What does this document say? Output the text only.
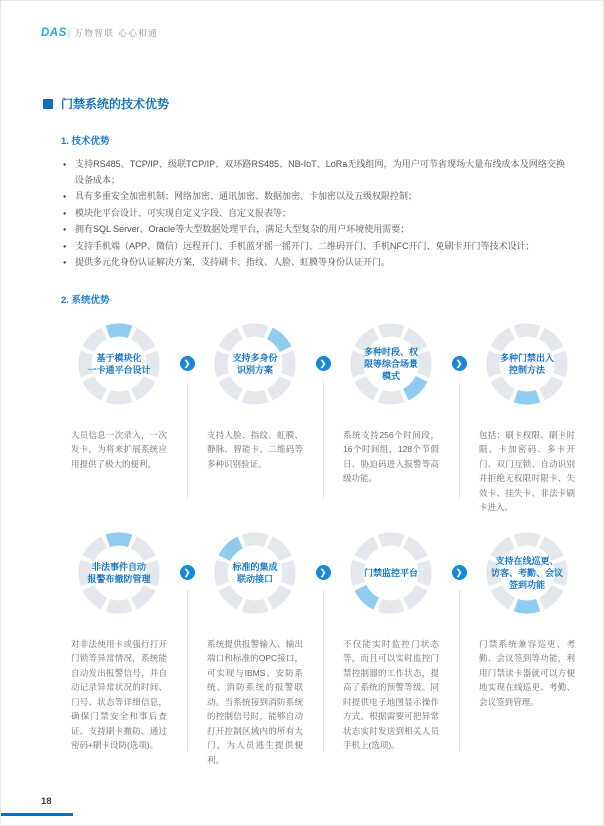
DAS | 万物智联 心心相通
门禁系统的技术优势
1. 技术优势
● 支持RS485、TCP/IP、级联TCP/IP、双环路RS485、NB-IoT、LoRa无线组网，为用户可节省现场大量布线成本及网络交换设备成本；
● 具有多重安全加密机制；网络加密、通讯加密、数据加密、卡加密以及五级权限控制；
● 模块化平台设计、可实现自定义字段、自定义报表等；
● 拥有SQL Server、Oracle等大型数据处理平台，满足大型复杂的用户环境使用需要；
● 支持手机端（APP、微信）远程开门、手机蓝牙摇一摇开门、二维码开门、手机NFC开门、免刷卡开门等技术设计；
● 提供多元化身份认证解决方案，支持刷卡、指纹、人脸、虹膜等身份认证开门。
2. 系统优势
基于模块化
一卡通平台设计
人员信息一次录入，一次发卡，为将来扩展系统应用提供了极大的便利。
❯
支持多身份
识别方案
支持人脸、指纹、虹膜、静脉、智能卡、二维码等多种识别验证。
❯
多种时段、权
限等综合场景
模式
系统支持256个时间段，16个时间组，128个节假日、胁迫码进入报警等高级功能。
❯
多种门禁出入
控制方法
包括：刷卡权限、刷卡时限、卡加密码、多卡开门、双门互锁、自动识别并拒绝无权限时限卡、失效卡、挂失卡、非法卡刷卡进入。
非法事件自动
报警布撤防管理
对非法使用卡或强行打开门锁等异常情况，系统能自动发出报警信号，并自动记录异常状况的时间、门号、状态等详细信息，确保门禁安全和事后查证。支持刷卡撤防、通过密码+刷卡设防(选项)。
❯
标准的集成
联动接口
系统提供报警输入、输出端口和标准的OPC接口，可实现与IBMS、安防系统、消防系统的报警联动。当系统接到消防系统的控制信号时，能够自动打开控制区域内的所有大门，为人员逃生提供便利。
❯	门禁监控平台
不仅能实时监控门状态等，而且可以实时监控门禁控制器的工作状态，提高了系统的预警等级。同时提供电子地图显示操作方式。根据需要可把异常状态实时发送到相关人员手机上(选项)。
❯
支持在线巡更、
访客、考勤、会议
签到功能
门禁系统兼容巡更、考勤、会议签到等功能，利用门禁读卡器就可以方便地实现在线巡更、考勤、会议签到管理。
18
